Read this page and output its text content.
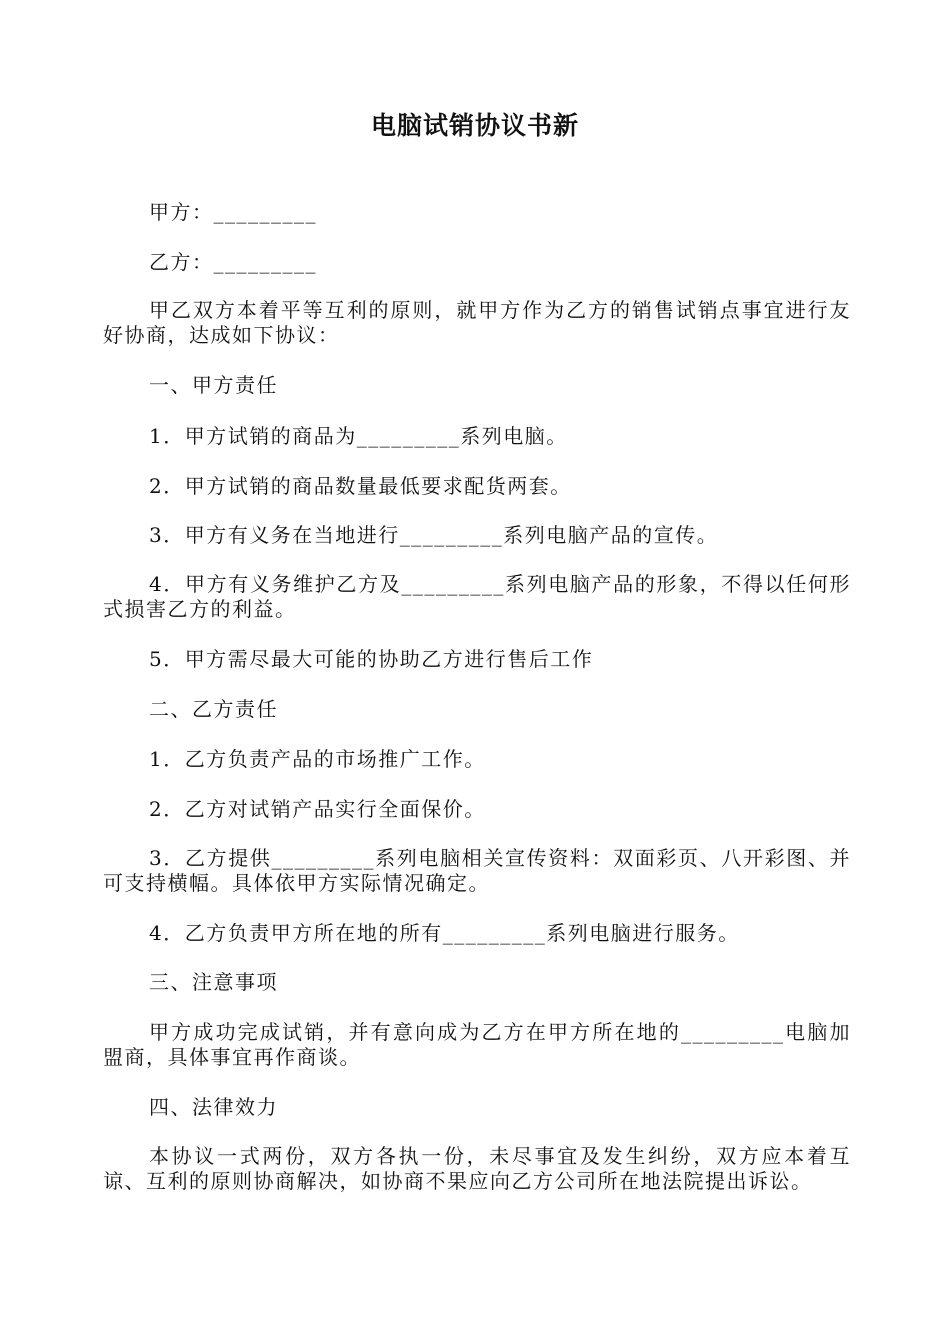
电脑试销协议书新

甲方：_________

乙方：_________

甲乙双方本着平等互利的原则，就甲方作为乙方的销售试销点事宜进行友好协商，达成如下协议：

一、甲方责任

1．甲方试销的商品为_________系列电脑。

2．甲方试销的商品数量最低要求配货两套。

3．甲方有义务在当地进行_________系列电脑产品的宣传。

4．甲方有义务维护乙方及_________系列电脑产品的形象，不得以任何形式损害乙方的利益。

5．甲方需尽最大可能的协助乙方进行售后工作

二、乙方责任

1．乙方负责产品的市场推广工作。

2．乙方对试销产品实行全面保价。

3．乙方提供_________系列电脑相关宣传资料：双面彩页、八开彩图、并可支持横幅。具体依甲方实际情况确定。

4．乙方负责甲方所在地的所有_________系列电脑进行服务。

三、注意事项

甲方成功完成试销，并有意向成为乙方在甲方所在地的_________电脑加盟商，具体事宜再作商谈。

四、法律效力

本协议一式两份，双方各执一份，未尽事宜及发生纠纷，双方应本着互谅、互利的原则协商解决，如协商不果应向乙方公司所在地法院提出诉讼。
